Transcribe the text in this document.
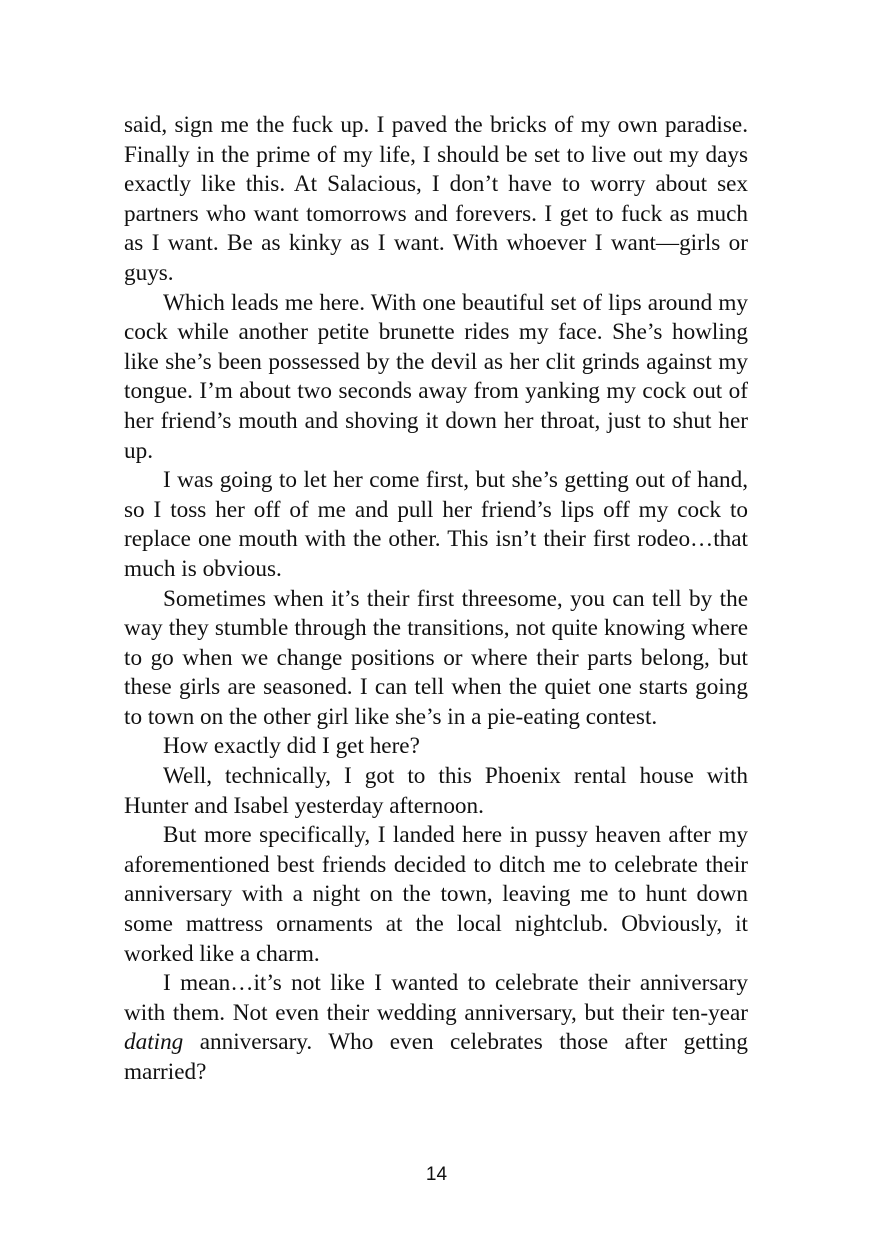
said, sign me the fuck up. I paved the bricks of my own paradise. Finally in the prime of my life, I should be set to live out my days exactly like this. At Salacious, I don’t have to worry about sex partners who want tomorrows and forevers. I get to fuck as much as I want. Be as kinky as I want. With whoever I want—girls or guys.

Which leads me here. With one beautiful set of lips around my cock while another petite brunette rides my face. She’s howling like she’s been possessed by the devil as her clit grinds against my tongue. I’m about two seconds away from yanking my cock out of her friend’s mouth and shoving it down her throat, just to shut her up.

I was going to let her come first, but she’s getting out of hand, so I toss her off of me and pull her friend’s lips off my cock to replace one mouth with the other. This isn’t their first rodeo…that much is obvious.

Sometimes when it’s their first threesome, you can tell by the way they stumble through the transitions, not quite knowing where to go when we change positions or where their parts belong, but these girls are seasoned. I can tell when the quiet one starts going to town on the other girl like she’s in a pie-eating contest.

How exactly did I get here?

Well, technically, I got to this Phoenix rental house with Hunter and Isabel yesterday afternoon.

But more specifically, I landed here in pussy heaven after my aforementioned best friends decided to ditch me to celebrate their anniversary with a night on the town, leaving me to hunt down some mattress ornaments at the local nightclub. Obviously, it worked like a charm.

I mean…it’s not like I wanted to celebrate their anniversary with them. Not even their wedding anniversary, but their ten-year dating anniversary. Who even celebrates those after getting married?

14
